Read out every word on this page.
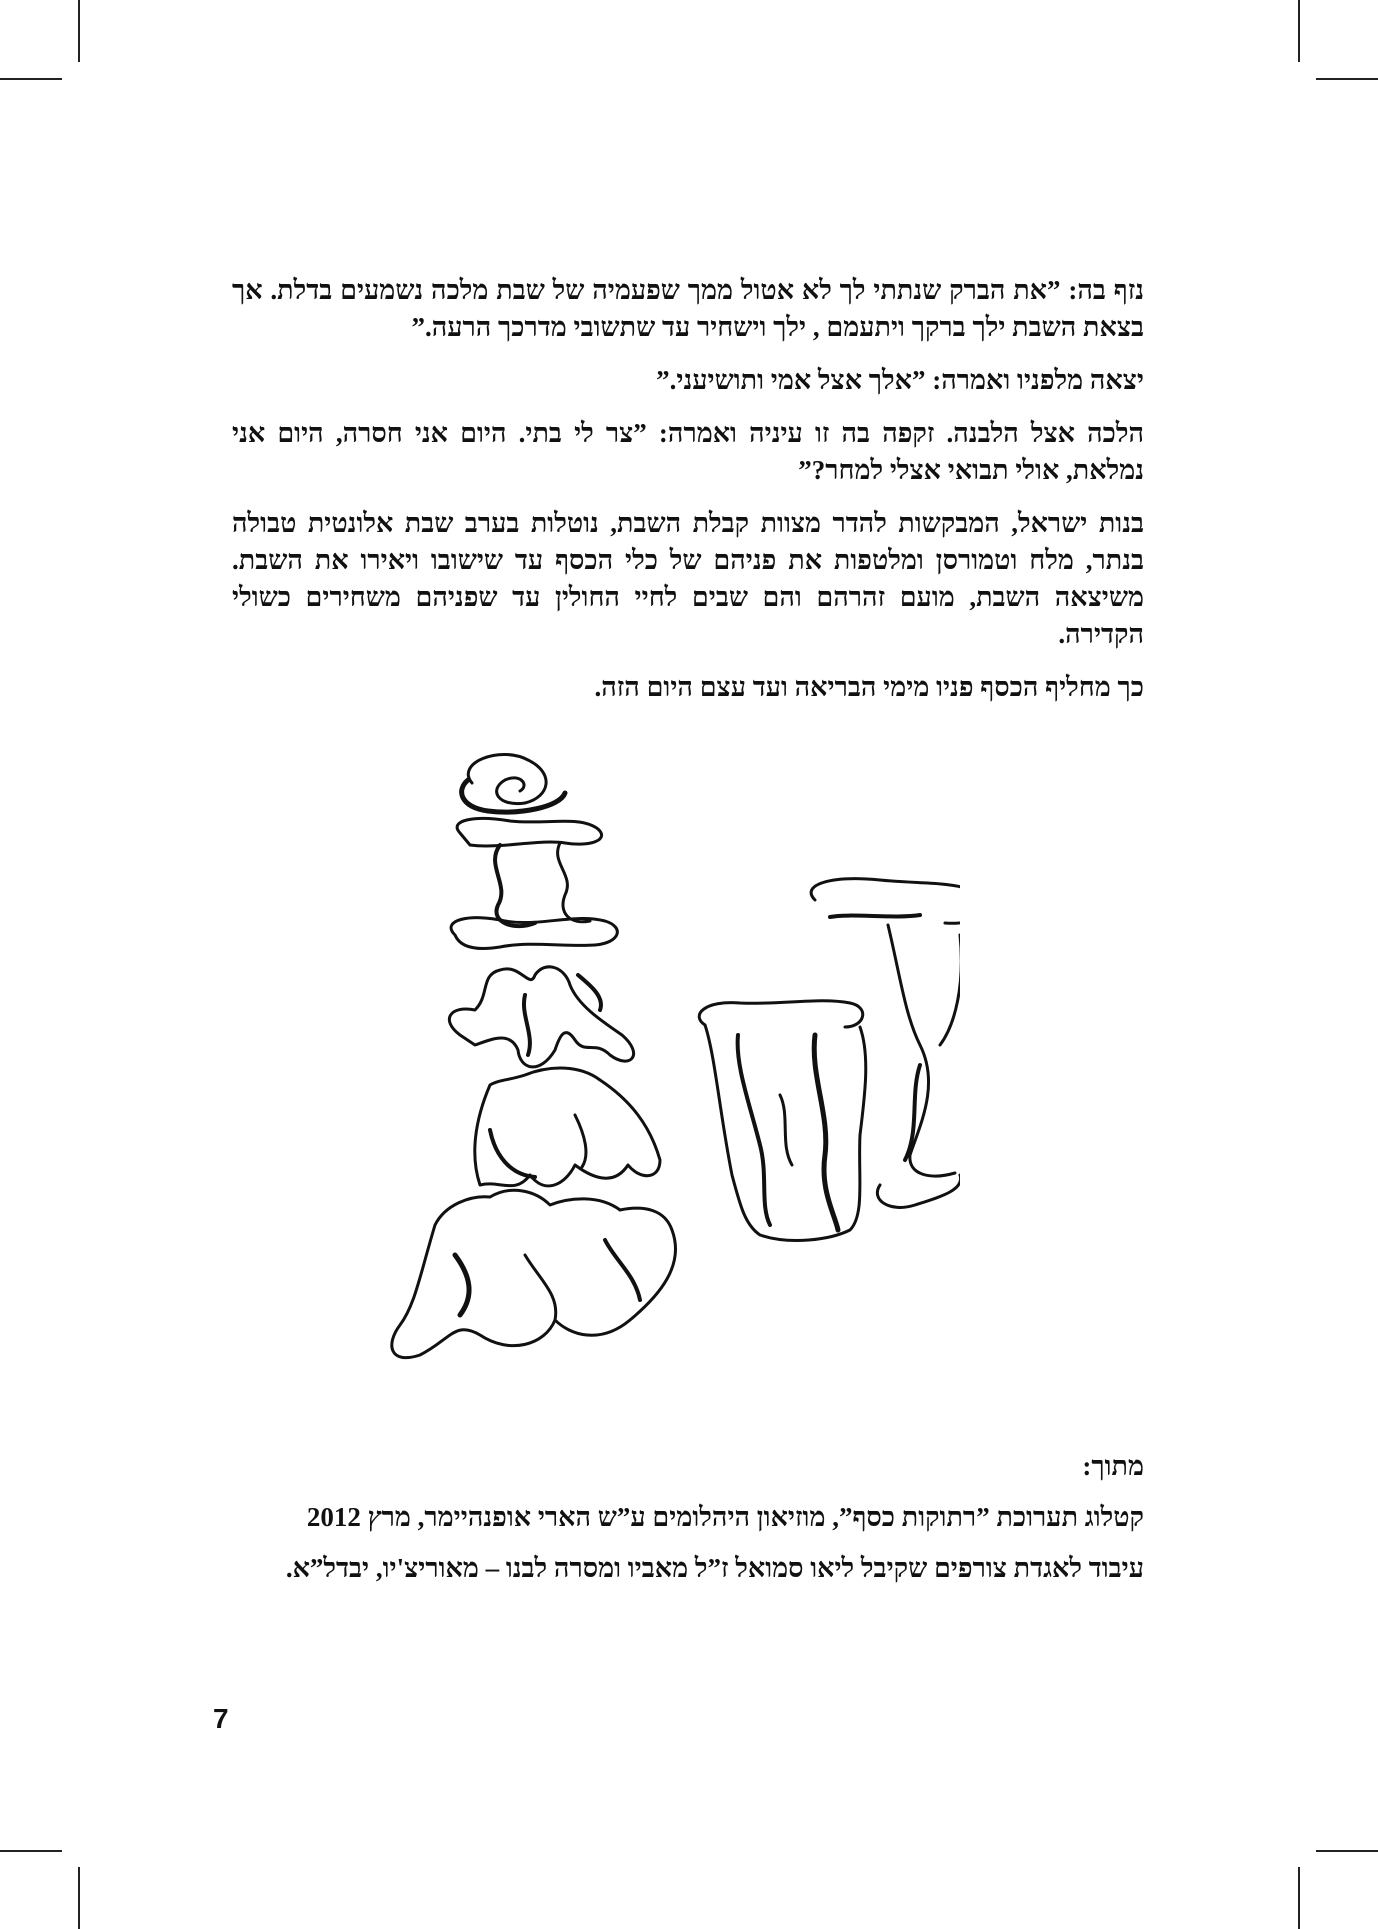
נזף בה: ”את הברק שנתתי לך לא אטול ממך שפעמיה של שבת מלכה נשמעים בדלת. אך בצאת השבת ילך ברקך ויתעמם , ילך וישחיר עד שתשובי מדרכך הרעה.”

יצאה מלפניו ואמרה: ”אלך אצל אמי ותושיעני.”

הלכה אצל הלבנה. זקפה בה זו עיניה ואמרה: ”צר לי בתי. היום אני חסרה, היום אני נמלאת, אולי תבואי אצלי למחר?”

בנות ישראל, המבקשות להדר מצוות קבלת השבת, נוטלות בערב שבת אלונטית טבולה בנתר, מלח וטמורסן ומלטפות את פניהם של כלי הכסף עד שישובו ויאירו את השבת. משיצאה השבת, מועם זהרהם והם שבים לחיי החולין עד שפניהם משחירים כשולי הקדירה.

כך מחליף הכסף פניו מימי הבריאה ועד עצם היום הזה.

מתוך:

קטלוג תערוכת ”רתוקות כסף”, מוזיאון היהלומים ע”ש הארי אופנהיימר, מרץ 2012

עיבוד לאגדת צורפים שקיבל ליאו סמואל ז”ל מאביו ומסרה לבנו – מאוריצ'יו, יבדל”א.

7
